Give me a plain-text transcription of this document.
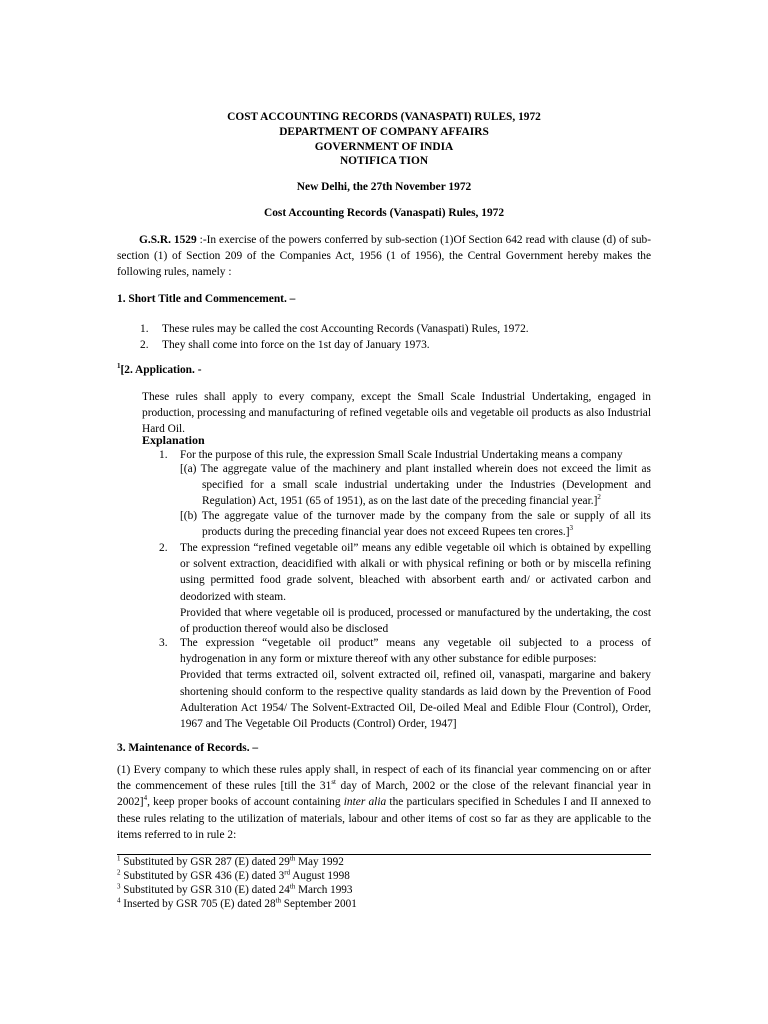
COST ACCOUNTING RECORDS (VANASPATI) RULES, 1972
DEPARTMENT OF COMPANY AFFAIRS
GOVERNMENT OF INDIA
NOTIFICA TION
New Delhi, the 27th November 1972
Cost Accounting Records (Vanaspati) Rules, 1972
G.S.R. 1529 :-In exercise of the powers conferred by sub-section (1)Of Section 642 read with clause (d) of sub-section (1) of Section 209 of the Companies Act, 1956 (1 of 1956), the Central Government hereby makes the following rules, namely :
1. Short Title and Commencement. –
1. These rules may be called the cost Accounting Records (Vanaspati) Rules, 1972.
2. They shall come into force on the 1st day of January 1973.
$^1$[2. Application. -
These rules shall apply to every company, except the Small Scale Industrial Undertaking, engaged in production, processing and manufacturing of refined vegetable oils and vegetable oil products as also Industrial Hard Oil.
Explanation
1.	For the purpose of this rule, the expression Small Scale Industrial Undertaking means a company
[(a) The aggregate value of the machinery and plant installed wherein does not exceed the limit as specified for a small scale industrial undertaking under the Industries (Development and Regulation) Act, 1951 (65 of 1951), as on the last date of the preceding financial year.]$^2$
[(b) The aggregate value of the turnover made by the company from the sale or supply of all its products during the preceding financial year does not exceed Rupees ten crores.]$^3$
2.	The expression “refined vegetable oil” means any edible vegetable oil which is obtained by expelling or solvent extraction, deacidified with alkali or with physical refining or both or by miscella refining using permitted food grade solvent, bleached with absorbent earth and/ or activated carbon and deodorized with steam.
Provided that where vegetable oil is produced, processed or manufactured by the undertaking, the cost of production thereof would also be disclosed
3.	The expression “vegetable oil product” means any vegetable oil subjected to a process of hydrogenation in any form or mixture thereof with any other substance for edible purposes:
Provided that terms extracted oil, solvent extracted oil, refined oil, vanaspati, margarine and bakery shortening should conform to the respective quality standards as laid down by the Prevention of Food Adulteration Act 1954/ The Solvent-Extracted Oil, De-oiled Meal and Edible Flour (Control), Order, 1967 and The Vegetable Oil Products (Control) Order, 1947]
3. Maintenance of Records. –
(1) Every company to which these rules apply shall, in respect of each of its financial year commencing on or after the commencement of these rules [till the 31st day of March, 2002 or the close of the relevant financial year in 2002]$^4$, keep proper books of account containing inter alia the particulars specified in Schedules I and II annexed to these rules relating to the utilization of materials, labour and other items of cost so far as they are applicable to the items referred to in rule 2:
$^1$ Substituted by GSR 287 (E) dated 29th May 1992
$^2$ Substituted by GSR 436 (E) dated 3rd August 1998
$^3$ Substituted by GSR 310 (E) dated 24th March 1993
$^4$ Inserted by GSR 705 (E) dated 28th September 2001
